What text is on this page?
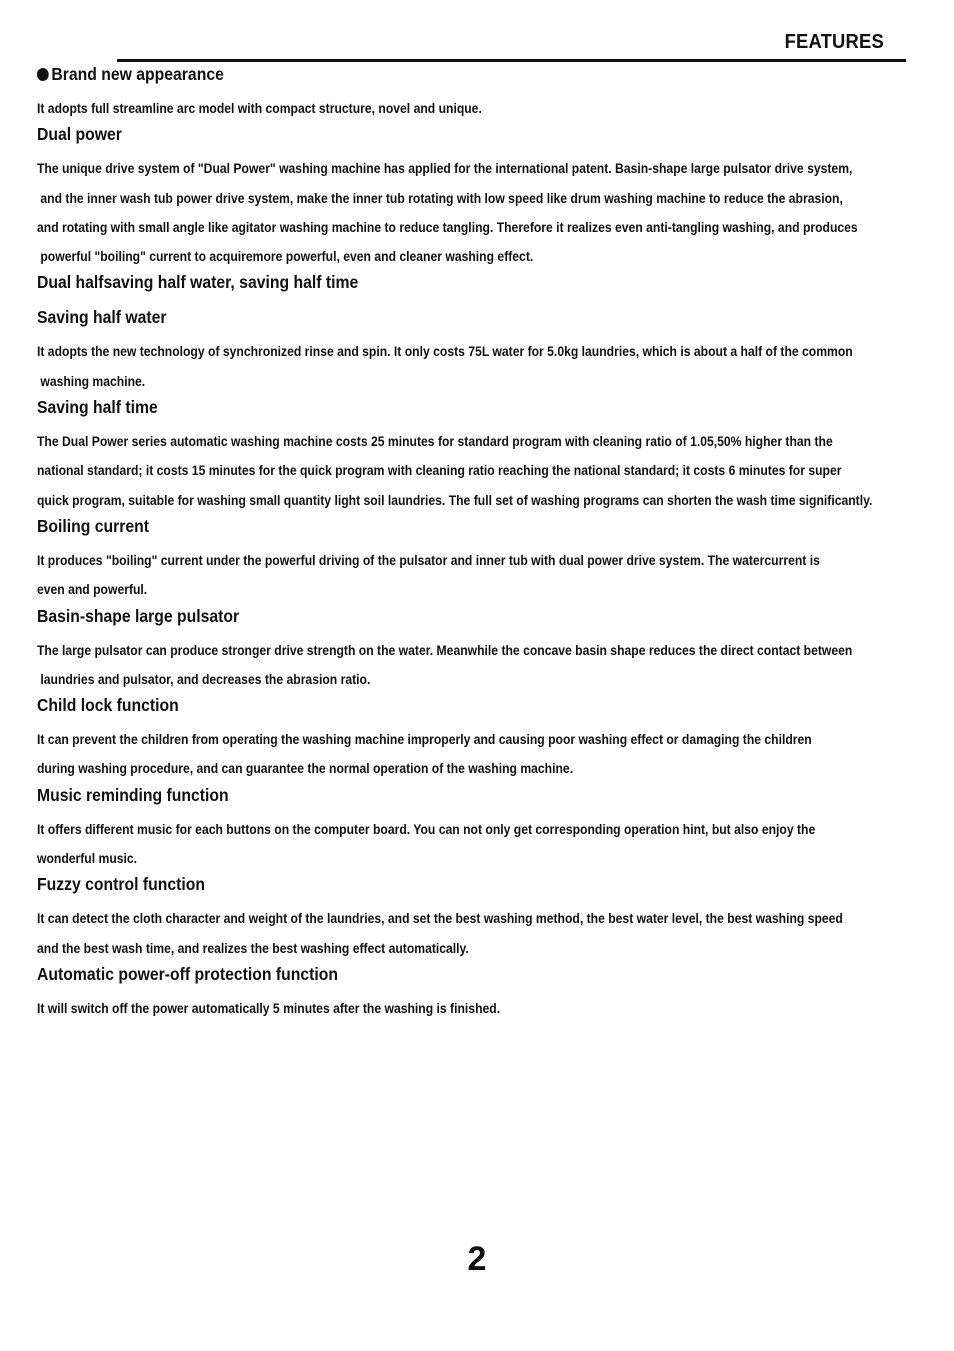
FEATURES
Brand new appearance
It adopts full streamline arc model with compact structure, novel and unique.
Dual power
The unique drive system of "Dual Power" washing machine has applied for the international patent. Basin-shape large pulsator drive system,
and the inner wash tub power drive system, make the inner tub rotating with low speed like drum washing machine to reduce the abrasion,
and rotating with small angle like agitator washing machine to reduce tangling. Therefore it realizes even anti-tangling washing, and produces
powerful "boiling" current to acquiremore powerful, even and cleaner washing effect.
Dual halfsaving half water, saving half time
Saving half water
It adopts the new technology of synchronized rinse and spin. It only costs 75L water for 5.0kg laundries, which is about a half of the common
washing machine.
Saving half time
The Dual Power series automatic washing machine costs 25 minutes for standard program with cleaning ratio of 1.05,50% higher than the
national standard; it costs 15 minutes for the quick program with cleaning ratio reaching the national standard; it costs 6 minutes for super
quick program, suitable for washing small quantity light soil laundries. The full set of washing programs can shorten the wash time significantly.
Boiling current
It produces "boiling" current under the powerful driving of the pulsator and inner tub with dual power drive system. The watercurrent is
even and powerful.
Basin-shape large pulsator
The large pulsator can produce stronger drive strength on the water. Meanwhile the concave basin shape reduces the direct contact between
laundries and pulsator, and decreases the abrasion ratio.
Child lock function
It can prevent the children from operating the washing machine improperly and causing poor washing effect or damaging the children
during washing procedure, and can guarantee the normal operation of the washing machine.
Music reminding function
It offers different music for each buttons on the computer board. You can not only get corresponding operation hint, but also enjoy the
wonderful music.
Fuzzy control function
It can detect the cloth character and weight of the laundries, and set the best washing method, the best water level, the best washing speed
and the best wash time, and realizes the best washing effect automatically.
Automatic power-off protection function
It will switch off the power automatically 5 minutes after the washing is finished.
2
